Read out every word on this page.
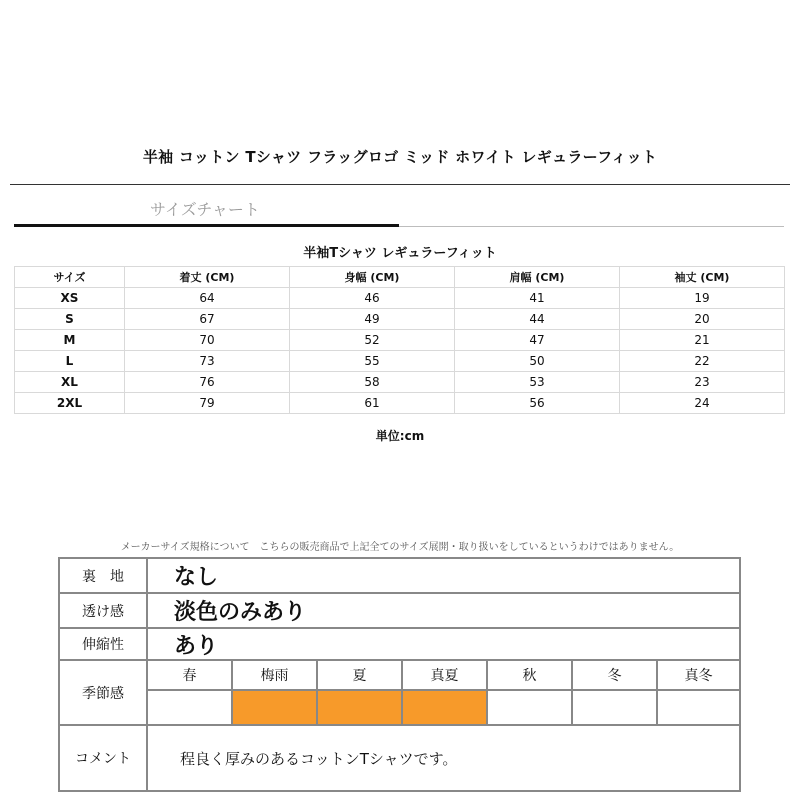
半袖 コットン Tシャツ フラッグロゴ ミッド ホワイト レギュラーフィット
サイズチャート
半袖Tシャツ レギュラーフィット
サイズ	着丈 (CM)	身幅 (CM)	肩幅 (CM)	袖丈 (CM)
XS	64	46	41	19
S	67	49	44	20
M	70	52	47	21
L	73	55	50	22
XL	76	58	53	23
2XL	79	61	56	24
単位:cm
メーカーサイズ規格について　こちらの販売商品で上記全てのサイズ展開・取り扱いをしているというわけではありません。
裏　地	なし
透け感	淡色のみあり
伸縮性	あり
季節感
春	梅雨	夏	真夏	秋	冬	真冬
コメント	程良く厚みのあるコットンTシャツです。
